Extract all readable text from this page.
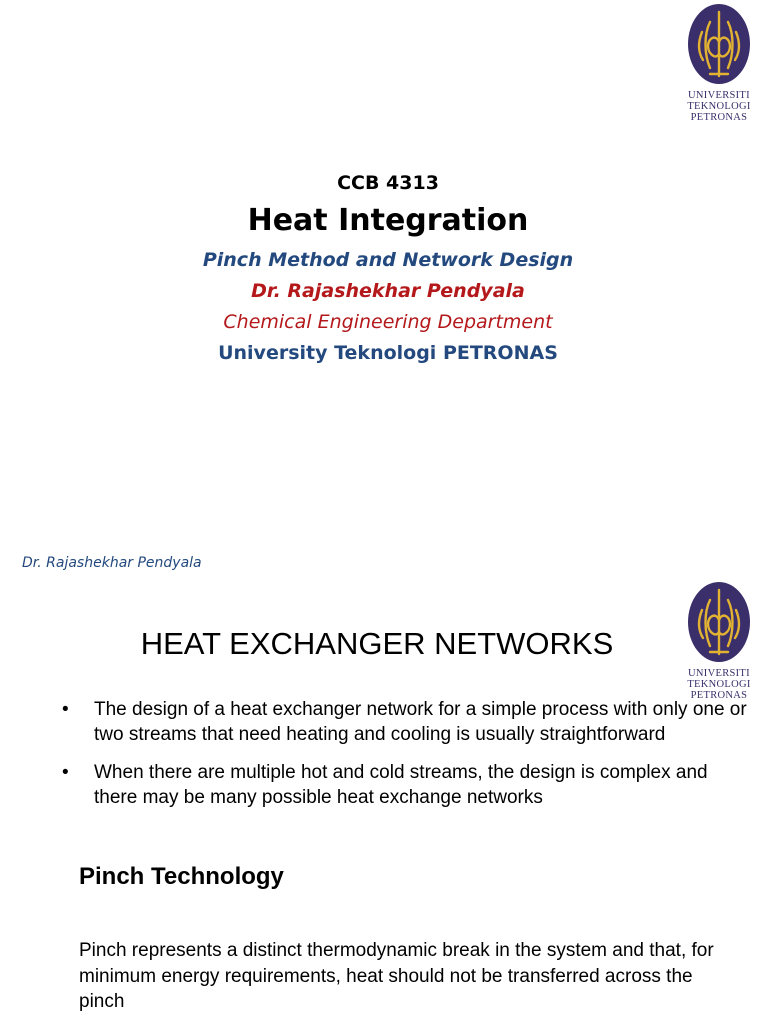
UNIVERSITI
TEKNOLOGI
PETRONAS
CCB 4313
Heat Integration
Pinch Method and Network Design
Dr. Rajashekhar Pendyala
Chemical Engineering Department
University Teknologi PETRONAS
Dr. Rajashekhar Pendyala
UNIVERSITI
TEKNOLOGI
PETRONAS
HEAT EXCHANGER NETWORKS
• The design of a heat exchanger network for a simple process with only one or two streams that need heating and cooling is usually straightforward
• When there are multiple hot and cold streams, the design is complex and there may be many possible heat exchange networks
Pinch Technology
Pinch represents a distinct thermodynamic break in the system and that, for minimum energy requirements, heat should not be transferred across the pinch
